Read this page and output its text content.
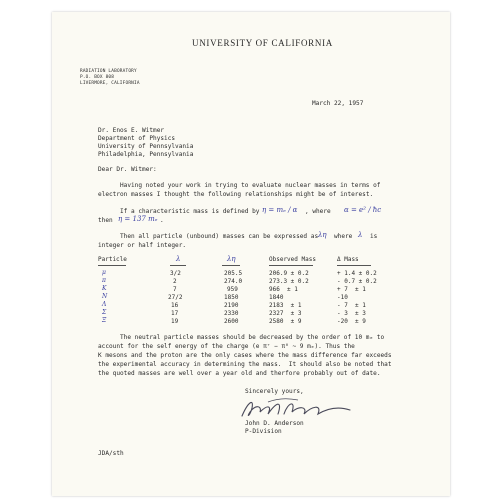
UNIVERSITY OF CALIFORNIA
RADIATION LABORATORY
P.O. BOX 808
LIVERMORE, CALIFORNIA
March 22, 1957
Dr. Enos E. Witmer
Department of Physics
University of Pennsylvania
Philadelphia, Pennsylvania
Dear Dr. Witmer:
Having noted your work in trying to evaluate nuclear masses in terms of
electron masses I thought the following relationships might be of interest.
If a characteristic mass is defined by η = mₑ / α , where α = e² / ħc
then η = 137 mₑ .
Then all particle (unbound) masses can be expressed as λη where λ is
integer or half integer.
Particle	λ	λη	Observed Mass	Δ Mass
μ	3/2	205.5	206.9 ± 0.2	+ 1.4 ± 0.2
π	2	274.0	273.3 ± 0.2	- 0.7 ± 0.2
K	7	959	966  ± 1	+ 7  ± 1
N	27/2	1850	1840	-10
Λ	16	2190	2183  ± 1	- 7  ± 1
Σ	17	2330	2327  ± 3	- 3  ± 3
Ξ	19	2600	2580  ± 9	-20  ± 9
The neutral particle masses should be decreased by the order of 10 mₑ to
account for the self energy of the charge (e π⁺ − π⁰ ~ 9 mₑ). Thus the
K mesons and the proton are the only cases where the mass difference far exceeds
the experimental accuracy in determining the mass.  It should also be noted that
the quoted masses are well over a year old and therfore probably out of date.
Sincerely yours,
John D. Anderson
P-Division
JDA/sth
